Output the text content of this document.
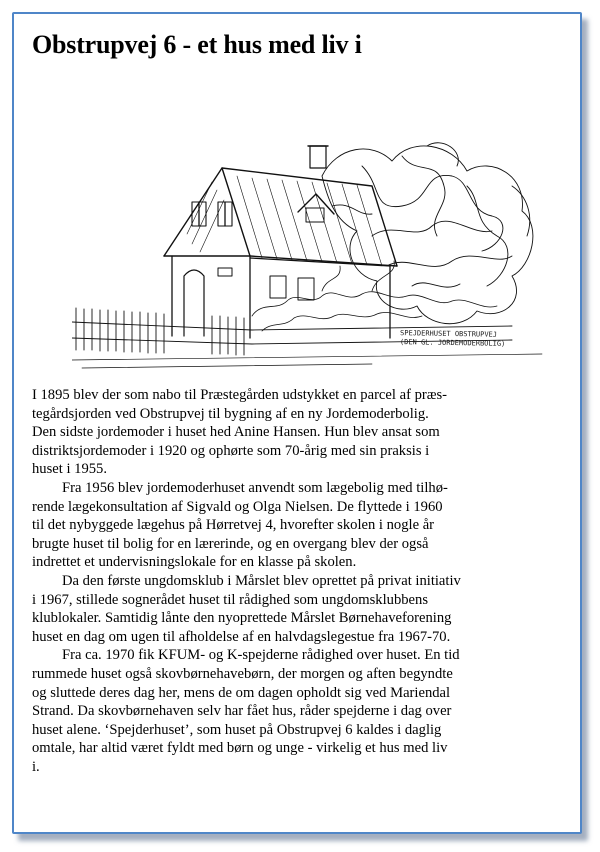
Obstrupvej 6 - et hus med liv i
SPEJDERHUSET OBSTRUPVEJ
(DEN GL. JORDEMODERBOLIG)

I 1895 blev der som nabo til Præstegården udstykket en parcel af præs-

tegårdsjorden ved Obstrupvej til bygning af en ny Jordemoderbolig.

Den sidste jordemoder i huset hed Anine Hansen. Hun blev ansat som

distriktsjordemoder i 1920 og ophørte som 70-årig med sin praksis i

huset i 1955.

Fra 1956 blev jordemoderhuset anvendt som lægebolig med tilhø-

rende lægekonsultation af Sigvald og Olga Nielsen. De flyttede i 1960

til det nybyggede lægehus på Hørretvej 4, hvorefter skolen i nogle år

brugte huset til bolig for en lærerinde, og en overgang blev der også

indrettet et undervisningslokale for en klasse på skolen.

Da den første ungdomsklub i Mårslet blev oprettet på privat initiativ

i 1967, stillede sognerådet huset til rådighed som ungdomsklubbens

klublokaler. Samtidig lånte den nyoprettede Mårslet Børnehaveforening

huset en dag om ugen til afholdelse af en halvdagslegestue fra 1967-70.

Fra ca. 1970 fik KFUM- og K-spejderne rådighed over huset. En tid

rummede huset også skovbørnehavebørn, der morgen og aften begyndte

og sluttede deres dag her, mens de om dagen opholdt sig ved Mariendal

Strand. Da skovbørnehaven selv har fået hus, råder spejderne i dag over

huset alene. ‘Spejderhuset’, som huset på Obstrupvej 6 kaldes i daglig

omtale, har altid været fyldt med børn og unge - virkelig et hus med liv

i.
